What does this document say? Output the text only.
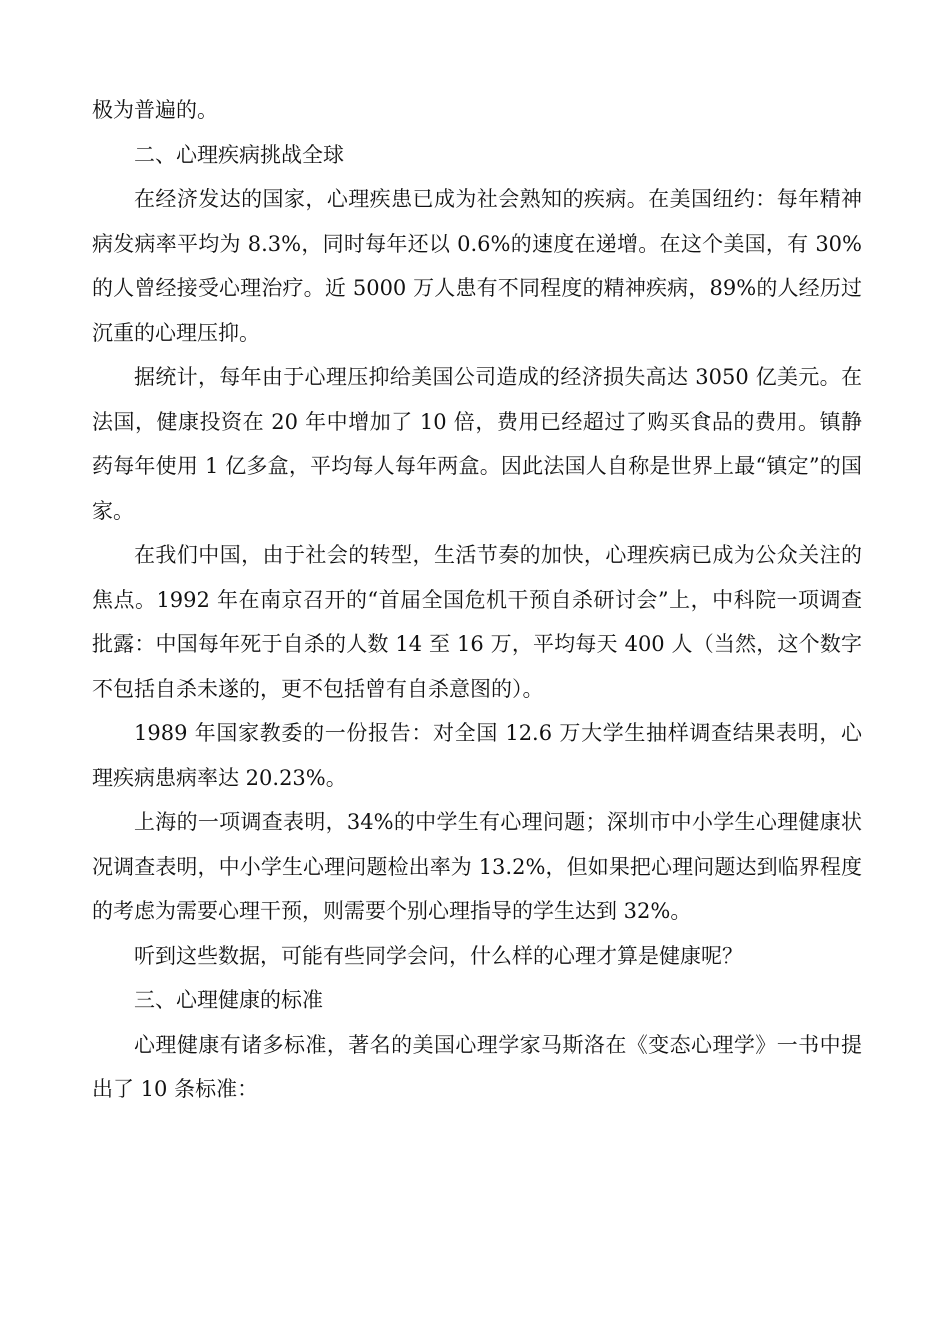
极为普遍的。

二、心理疾病挑战全球

在经济发达的国家，心理疾患已成为社会熟知的疾病。在美国纽约：每年精神病发病率平均为 8.3%，同时每年还以 0.6%的速度在递增。在这个美国，有 30%的人曾经接受心理治疗。近 5000 万人患有不同程度的精神疾病，89%的人经历过沉重的心理压抑。

据统计，每年由于心理压抑给美国公司造成的经济损失高达 3050 亿美元。在法国，健康投资在 20 年中增加了 10 倍，费用已经超过了购买食品的费用。镇静药每年使用 1 亿多盒，平均每人每年两盒。因此法国人自称是世界上最“镇定”的国家。

在我们中国，由于社会的转型，生活节奏的加快，心理疾病已成为公众关注的焦点。1992 年在南京召开的“首届全国危机干预自杀研讨会”上，中科院一项调查批露：中国每年死于自杀的人数 14 至 16 万，平均每天 400 人（当然，这个数字不包括自杀未遂的，更不包括曾有自杀意图的）。

1989 年国家教委的一份报告：对全国 12.6 万大学生抽样调查结果表明，心理疾病患病率达 20.23%。

上海的一项调查表明，34%的中学生有心理问题；深圳市中小学生心理健康状况调查表明，中小学生心理问题检出率为 13.2%，但如果把心理问题达到临界程度的考虑为需要心理干预，则需要个别心理指导的学生达到 32%。

听到这些数据，可能有些同学会问，什么样的心理才算是健康呢？

三、心理健康的标准

心理健康有诸多标准，著名的美国心理学家马斯洛在《变态心理学》一书中提出了 10 条标准：
